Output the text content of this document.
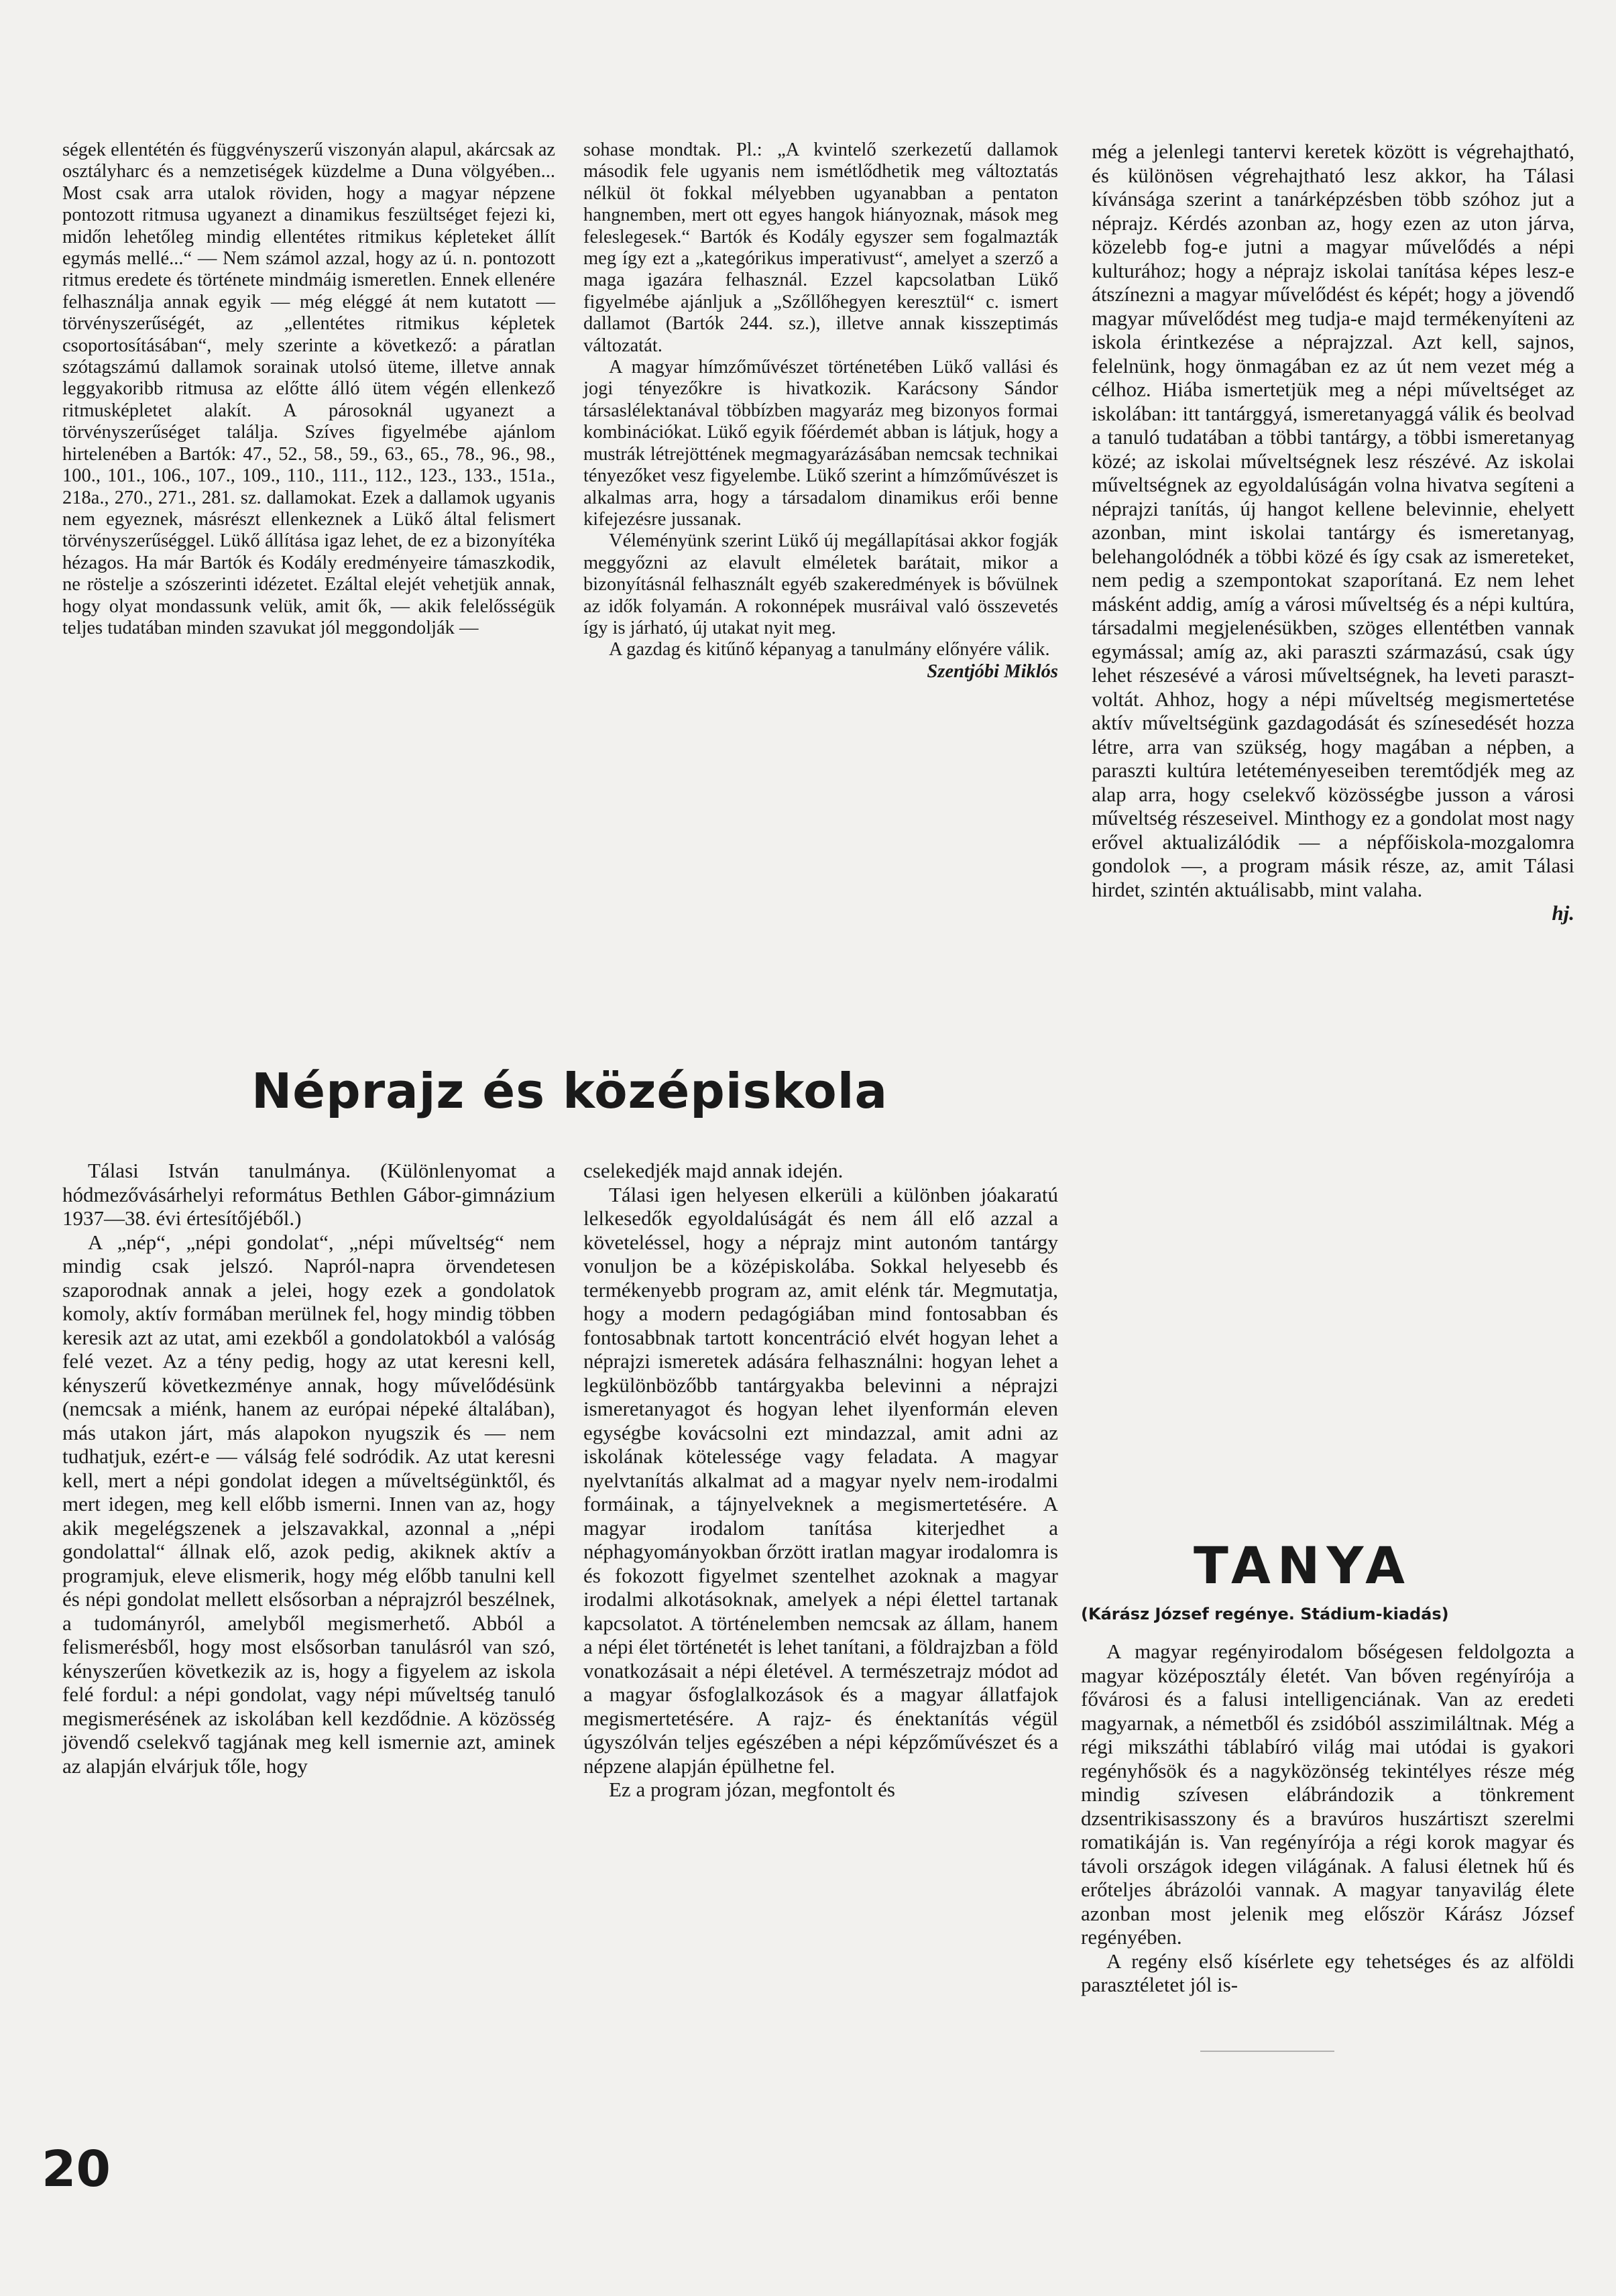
ségek ellentétén és függvényszerű viszonyán alapul, akárcsak az osztályharc és a nemzetiségek küzdelme a Duna völgyében... Most csak arra utalok röviden, hogy a magyar népzene pontozott ritmusa ugyanezt a dinamikus feszültséget fejezi ki, midőn lehetőleg mindig ellentétes ritmikus képleteket állít egymás mellé...“ — Nem számol azzal, hogy az ú. n. pontozott ritmus eredete és története mindmáig ismeretlen. Ennek ellenére felhasználja annak egyik — még eléggé át nem kutatott — törvényszerűségét, az „ellentétes ritmikus képletek csoportosításában“, mely szerinte a következő: a páratlan szótagszámú dallamok sorainak utolsó üteme, illetve annak leggyakoribb ritmusa az előtte álló ütem végén ellenkező ritmusképletet alakít. A párosoknál ugyanezt a törvényszerűséget találja. Szíves figyelmébe ajánlom hirtelenében a Bartók: 47., 52., 58., 59., 63., 65., 78., 96., 98., 100., 101., 106., 107., 109., 110., 111., 112., 123., 133., 151a., 218a., 270., 271., 281. sz. dallamokat. Ezek a dallamok ugyanis nem egyeznek, másrészt ellenkeznek a Lükő által felismert törvényszerűséggel. Lükő állítása igaz lehet, de ez a bizonyítéka hézagos. Ha már Bartók és Kodály eredményeire támaszkodik, ne röstelje a szószerinti idézetet. Ezáltal elejét vehetjük annak, hogy olyat mondassunk velük, amit ők, — akik felelősségük teljes tudatában minden szavukat jól meggondolják —

sohase mondtak. Pl.: „A kvintelő szerkezetű dallamok második fele ugyanis nem ismétlődhetik meg változtatás nélkül öt fokkal mélyebben ugyanabban a pentaton hangnemben, mert ott egyes hangok hiányoznak, mások meg feleslegesek.“ Bartók és Kodály egyszer sem fogalmazták meg így ezt a „kategórikus imperativust“, amelyet a szerző a maga igazára felhasznál. Ezzel kapcsolatban Lükő figyelmébe ajánljuk a „Szőllőhegyen keresztül“ c. ismert dallamot (Bartók 244. sz.), illetve annak kisszeptimás változatát.

A magyar hímzőművészet történetében Lükő vallási és jogi tényezőkre is hivatkozik. Karácsony Sándor társaslélektanával többízben magyaráz meg bizonyos formai kombinációkat. Lükő egyik főérdemét abban is látjuk, hogy a mustrák létrejöttének megmagyarázásában nemcsak technikai tényezőket vesz figyelembe. Lükő szerint a hímzőművészet is alkalmas arra, hogy a társadalom dinamikus erői benne kifejezésre jussanak.

Véleményünk szerint Lükő új megállapításai akkor fogják meggyőzni az elavult elméletek barátait, mikor a bizonyításnál felhasznált egyéb szakeredmények is bővülnek az idők folyamán. A rokonnépek musráival való összevetés így is járható, új utakat nyit meg.

A gazdag és kitűnő képanyag a tanulmány előnyére válik.

Szentjóbi Miklós

még a jelenlegi tantervi keretek között is végrehajtható, és különösen végrehajtható lesz akkor, ha Tálasi kívánsága szerint a tanárképzésben több szóhoz jut a néprajz. Kérdés azonban az, hogy ezen az uton járva, közelebb fog-e jutni a magyar művelődés a népi kulturához; hogy a néprajz iskolai tanítása képes lesz-e átszínezni a magyar művelődést és képét; hogy a jövendő magyar művelődést meg tudja-e majd termékenyíteni az iskola érintkezése a néprajzzal. Azt kell, sajnos, felelnünk, hogy önmagában ez az út nem vezet még a célhoz. Hiába ismertetjük meg a népi műveltséget az iskolában: itt tantárggyá, ismeretanyaggá válik és beolvad a tanuló tudatában a többi tantárgy, a többi ismeretanyag közé; az iskolai műveltségnek lesz részévé. Az iskolai műveltségnek az egyoldalúságán volna hivatva segíteni a néprajzi tanítás, új hangot kellene belevinnie, ehelyett azonban, mint iskolai tantárgy és ismeretanyag, belehangolódnék a többi közé és így csak az ismereteket, nem pedig a szempontokat szaporítaná. Ez nem lehet másként addig, amíg a városi műveltség és a népi kultúra, társadalmi megjelenésükben, szöges ellentétben vannak egymással; amíg az, aki paraszti származású, csak úgy lehet részesévé a városi műveltségnek, ha leveti paraszt-voltát. Ahhoz, hogy a népi műveltség megismertetése aktív műveltségünk gazdagodását és színesedését hozza létre, arra van szükség, hogy magában a népben, a paraszti kultúra letéteményeseiben teremtődjék meg az alap arra, hogy cselekvő közösségbe jusson a városi műveltség részeseivel. Minthogy ez a gondolat most nagy erővel aktualizálódik — a népfőiskola-mozgalomra gondolok —, a program másik része, az, amit Tálasi hirdet, szintén aktuálisabb, mint valaha.

hj.
Néprajz és középiskola

Tálasi István tanulmánya. (Különlenyomat a hódmezővásárhelyi református Bethlen Gábor-gimnázium 1937—38. évi értesítőjéből.)

A „nép“, „népi gondolat“, „népi műveltség“ nem mindig csak jelszó. Napról-napra örvendetesen szaporodnak annak a jelei, hogy ezek a gondolatok komoly, aktív formában merülnek fel, hogy mindig többen keresik azt az utat, ami ezekből a gondolatokból a valóság felé vezet. Az a tény pedig, hogy az utat keresni kell, kényszerű következménye annak, hogy művelődésünk (nemcsak a miénk, hanem az európai népeké általában), más utakon járt, más alapokon nyugszik és — nem tudhatjuk, ezért-e — válság felé sodródik. Az utat keresni kell, mert a népi gondolat idegen a műveltségünktől, és mert idegen, meg kell előbb ismerni. Innen van az, hogy akik megelégszenek a jelszavakkal, azonnal a „népi gondolattal“ állnak elő, azok pedig, akiknek aktív a programjuk, eleve elismerik, hogy még előbb tanulni kell és népi gondolat mellett elsősorban a néprajzról beszélnek, a tudományról, amelyből megismerhető. Abból a felismerésből, hogy most elsősorban tanulásról van szó, kényszerűen következik az is, hogy a figyelem az iskola felé fordul: a népi gondolat, vagy népi műveltség tanuló megismerésének az iskolában kell kezdődnie. A közösség jövendő cselekvő tagjának meg kell ismernie azt, aminek az alapján elvárjuk tőle, hogy

cselekedjék majd annak idején.

Tálasi igen helyesen elkerüli a különben jóakaratú lelkesedők egyoldalúságát és nem áll elő azzal a követeléssel, hogy a néprajz mint autonóm tantárgy vonuljon be a középiskolába. Sokkal helyesebb és termékenyebb program az, amit elénk tár. Megmutatja, hogy a modern pedagógiában mind fontosabban és fontosabbnak tartott koncentráció elvét hogyan lehet a néprajzi ismeretek adására felhasználni: hogyan lehet a legkülönbözőbb tantárgyakba belevinni a néprajzi ismeretanyagot és hogyan lehet ilyenformán eleven egységbe kovácsolni ezt mindazzal, amit adni az iskolának kötelessége vagy feladata. A magyar nyelvtanítás alkalmat ad a magyar nyelv nem-irodalmi formáinak, a tájnyelveknek a megismertetésére. A magyar irodalom tanítása kiterjedhet a néphagyományokban őrzött iratlan magyar irodalomra is és fokozott figyelmet szentelhet azoknak a magyar irodalmi alkotásoknak, amelyek a népi élettel tartanak kapcsolatot. A történelemben nemcsak az állam, hanem a népi élet történetét is lehet tanítani, a földrajzban a föld vonatkozásait a népi életével. A természetrajz módot ad a magyar ősfoglalkozások és a magyar állatfajok megismertetésére. A rajz- és énektanítás végül úgyszólván teljes egészében a népi képzőművészet és a népzene alapján épülhetne fel.

Ez a program józan, megfontolt és

TANYA
(Kárász József regénye. Stádium-kiadás)

A magyar regényirodalom bőségesen feldolgozta a magyar középosztály életét. Van bőven regényírója a fővárosi és a falusi intelligenciának. Van az eredeti magyarnak, a németből és zsidóból asszimiláltnak. Még a régi mikszáthi táblabíró világ mai utódai is gyakori regényhősök és a nagyközönség tekintélyes része még mindig szívesen elábrándozik a tönkrement dzsentrikisasszony és a bravúros huszártiszt szerelmi romatikáján is. Van regényírója a régi korok magyar és távoli országok idegen világának. A falusi életnek hű és erőteljes ábrázolói vannak. A magyar tanyavilág élete azonban most jelenik meg először Kárász József regényében.

A regény első kísérlete egy tehetséges és az alföldi parasztéletet jól is-

20
